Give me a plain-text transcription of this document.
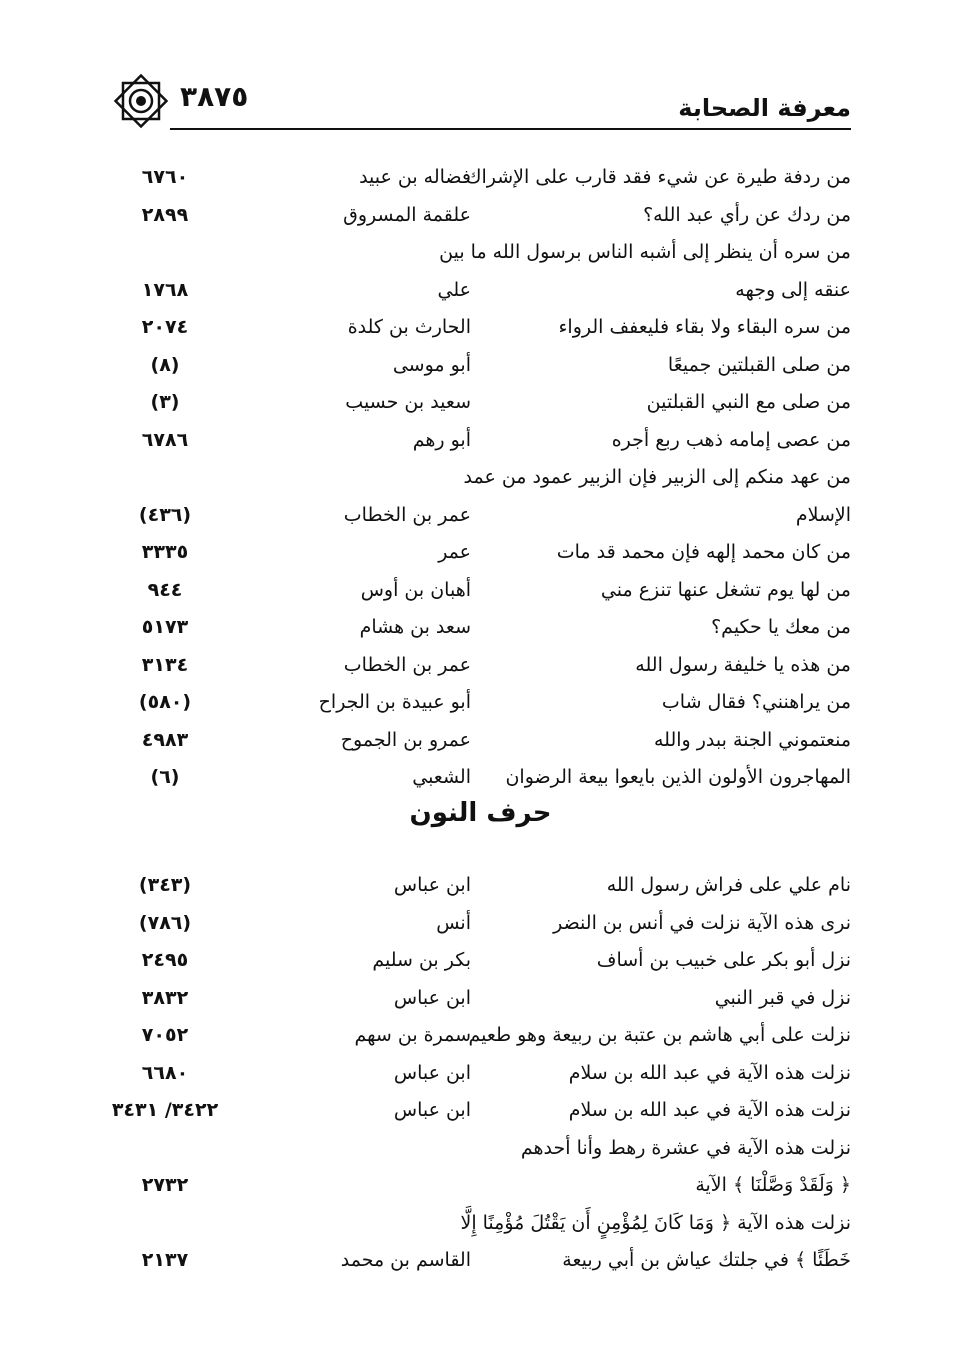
٣٨٧٥	معرفة الصحابة
من ردفة طيرة عن شيء فقد قارب على الإشراك
فضاله بن عبيد
٦٧٦٠
من ردك عن رأي عبد الله؟
علقمة المسروق
٢٨٩٩
من سره أن ينظر إلى أشبه الناس برسول الله ما بين
عنقه إلى وجهه
علي
١٧٦٨
من سره البقاء ولا بقاء فليعفف الرواء
الحارث بن كلدة
٢٠٧٤
من صلى القبلتين جميعًا
أبو موسى
(٨)
من صلى مع النبي القبلتين
سعيد بن حسيب
(٣)
من عصى إمامه ذهب ربع أجره
أبو رهم
٦٧٨٦
من عهد منكم إلى الزبير فإن الزبير عمود من عمد
الإسلام
عمر بن الخطاب
(٤٣٦)
من كان محمد إلهه فإن محمد قد مات
عمر
٣٣٣٥
من لها يوم تشغل عنها تنزع مني
أهبان بن أوس
٩٤٤
من معك يا حكيم؟
سعد بن هشام
٥١٧٣
من هذه يا خليفة رسول الله
عمر بن الخطاب
٣١٣٤
من يراهنني؟ فقال شاب
أبو عبيدة بن الجراح
(٥٨٠)
منعتموني الجنة ببدر والله
عمرو بن الجموح
٤٩٨٣
المهاجرون الأولون الذين بايعوا بيعة الرضوان
الشعبي
(٦)
حرف النون
نام علي على فراش رسول الله
ابن عباس
(٣٤٣)
نرى هذه الآية نزلت في أنس بن النضر
أنس
(٧٨٦)
نزل أبو بكر على خبيب بن أساف
بكر بن سليم
٢٤٩٥
نزل في قبر النبي
ابن عباس
٣٨٣٢
نزلت على أبي هاشم بن عتبة بن ربيعة وهو طعيم
سمرة بن سهم
٧٠٥٢
نزلت هذه الآية في عبد الله بن سلام
ابن عباس
٦٦٨٠
نزلت هذه الآية في عبد الله بن سلام
ابن عباس
٣٤٢٢/ ٣٤٣١
نزلت هذه الآية في عشرة رهط وأنا أحدهم
﴿ وَلَقَدْ وَصَّلْنَا ﴾ الآية
٢٧٣٢
نزلت هذه الآية ﴿ وَمَا كَانَ لِمُؤْمِنٍ أَن يَقْتُلَ مُؤْمِنًا إِلَّا
خَطَئًا ﴾ في جلتك عياش بن أبي ربيعة
القاسم بن محمد
٢١٣٧
